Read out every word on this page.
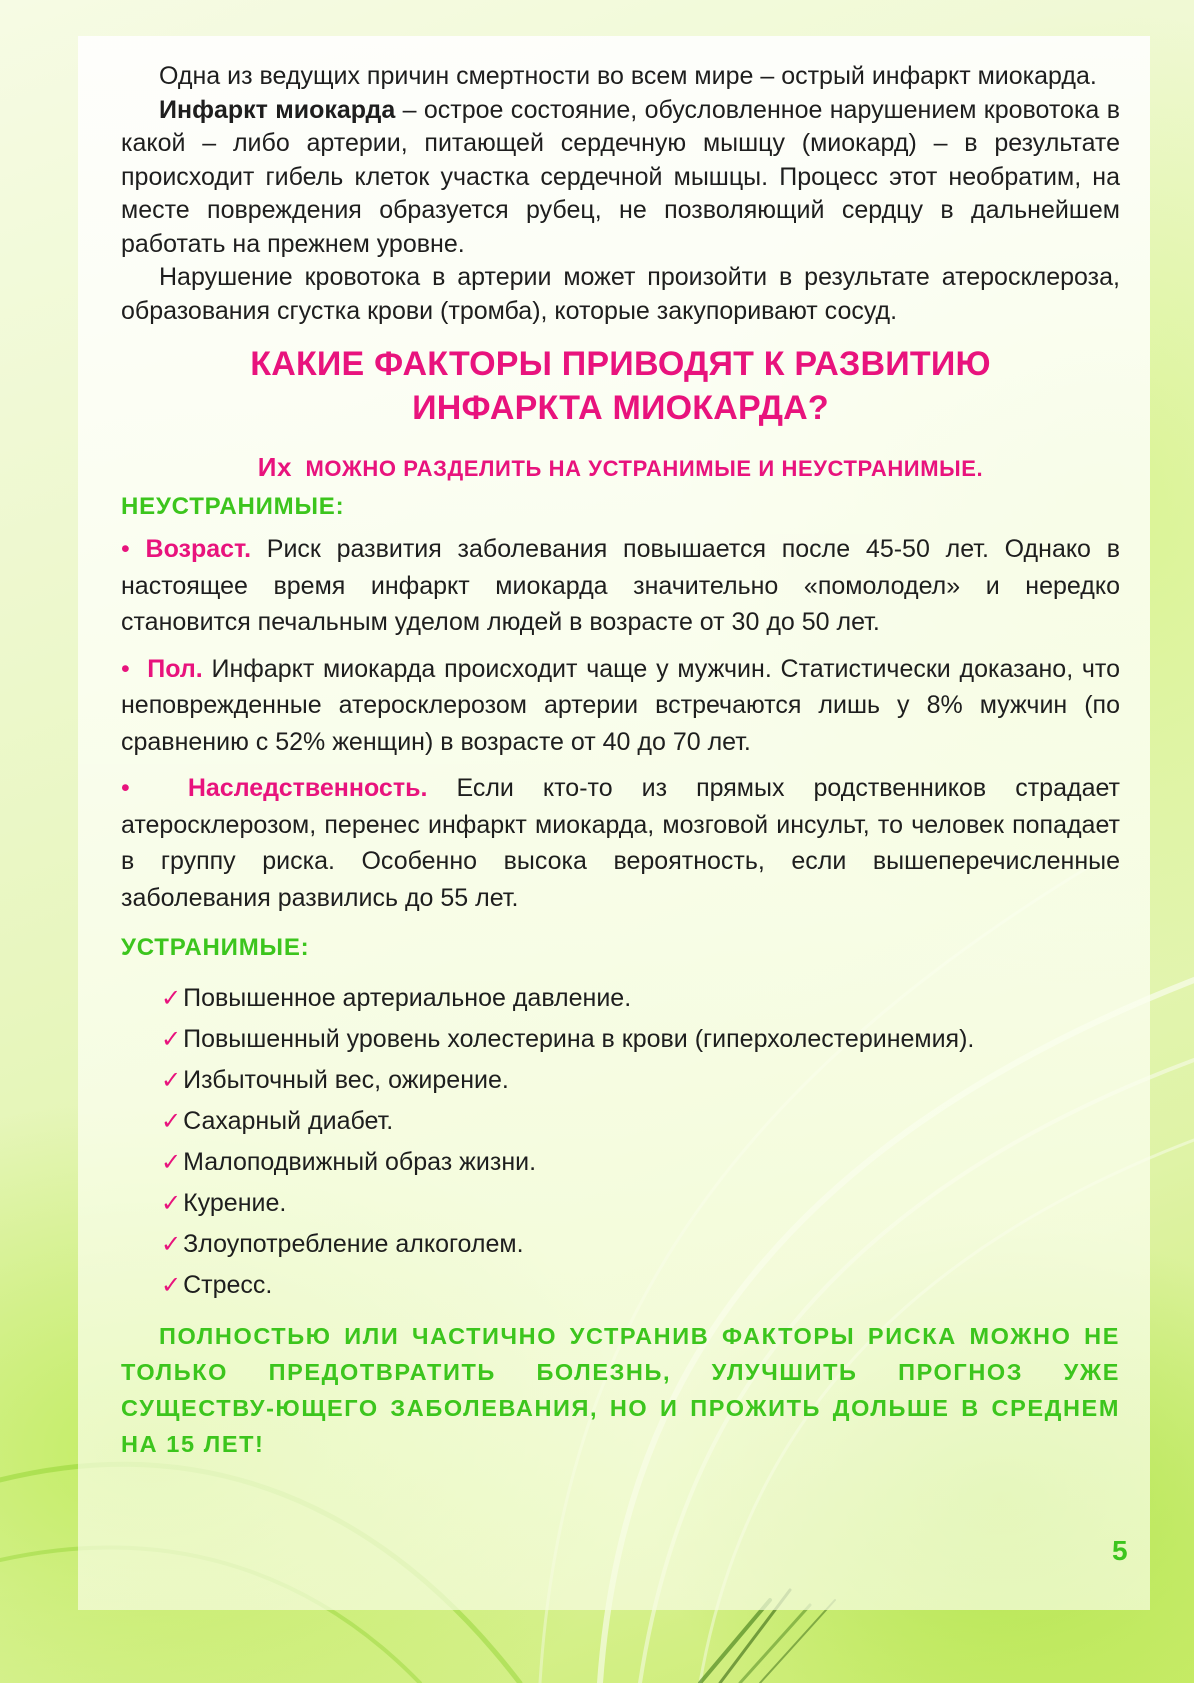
Одна из ведущих причин смертности во всем мире – острый инфаркт миокарда.

Инфаркт миокарда – острое состояние, обусловленное нарушением кровотока в какой – либо артерии, питающей сердечную мышцу (миокард) – в результате происходит гибель клеток участка сердечной мышцы. Процесс этот необратим, на месте повреждения образуется рубец, не позволяющий сердцу в дальнейшем работать на прежнем уровне.

Нарушение кровотока в артерии может произойти в результате атеросклероза, образования сгустка крови (тромба), которые закупоривают сосуд.

КАКИЕ ФАКТОРЫ ПРИВОДЯТ К РАЗВИТИЮ
ИНФАРКТА МИОКАРДА?
Их МОЖНО РАЗДЕЛИТЬ НА УСТРАНИМЫЕ И НЕУСТРАНИМЫЕ.
НЕУСТРАНИМЫЕ:

• Возраст. Риск развития заболевания повышается после 45-50 лет. Однако в настоящее время инфаркт миокарда значительно «помолодел» и нередко становится печальным уделом людей в возрасте от 30 до 50 лет.

• Пол. Инфаркт миокарда происходит чаще у мужчин. Статистически доказано, что неповрежденные атеросклерозом артерии встречаются лишь у 8% мужчин (по сравнению с 52% женщин) в возрасте от 40 до 70 лет.

• Наследственность. Если кто-то из прямых родственников страдает атеросклерозом, перенес инфаркт миокарда, мозговой инсульт, то человек попадает в группу риска. Особенно высока вероятность, если вышеперечисленные заболевания развились до 55 лет.

УСТРАНИМЫЕ:
✓ Повышенное артериальное давление.
✓ Повышенный уровень холестерина в крови (гиперхолестеринемия).
✓ Избыточный вес, ожирение.
✓ Сахарный диабет.
✓ Малоподвижный образ жизни.
✓ Курение.
✓ Злоупотребление алкоголем.
✓ Стресс.

ПОЛНОСТЬЮ ИЛИ ЧАСТИЧНО УСТРАНИВ ФАКТОРЫ РИСКА МОЖНО НЕ ТОЛЬКО ПРЕДОТВРАТИТЬ БОЛЕЗНЬ, УЛУЧШИТЬ ПРОГНОЗ УЖЕ СУЩЕСТВУ-ЮЩЕГО ЗАБОЛЕВАНИЯ, НО И ПРОЖИТЬ ДОЛЬШЕ В СРЕДНЕМ НА 15 ЛЕТ!

5
